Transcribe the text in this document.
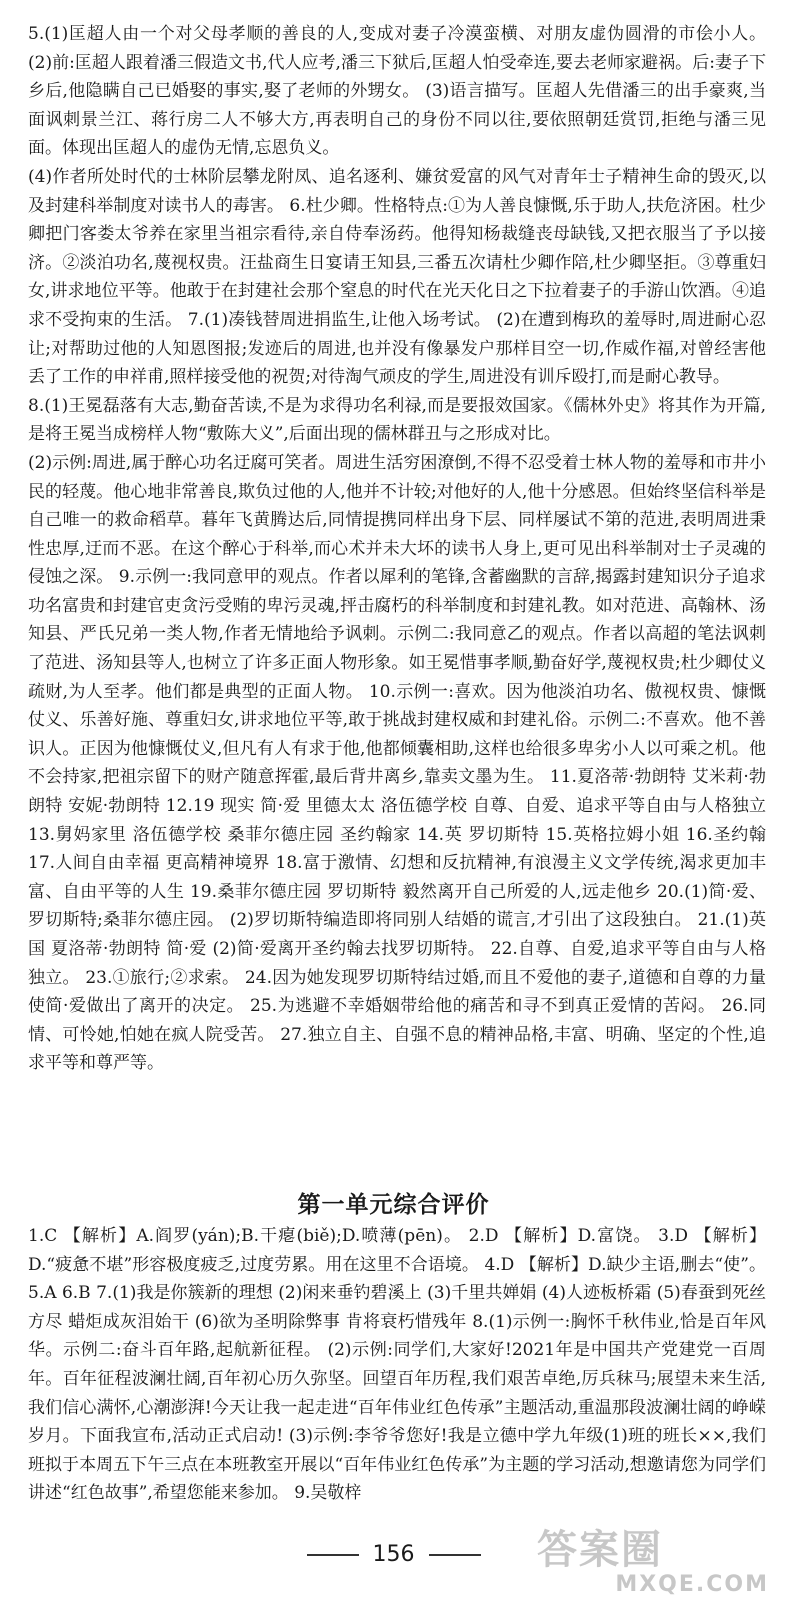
5.(1)匡超人由一个对父母孝顺的善良的人,变成对妻子冷漠蛮横、对朋友虚伪圆滑的市侩小人。 (2)前:匡超人跟着潘三假造文书,代人应考,潘三下狱后,匡超人怕受牵连,要去老师家避祸。后:妻子下乡后,他隐瞒自己已婚娶的事实,娶了老师的外甥女。 (3)语言描写。匡超人先借潘三的出手豪爽,当面讽刺景兰江、蒋行房二人不够大方,再表明自己的身份不同以往,要依照朝廷赏罚,拒绝与潘三见面。体现出匡超人的虚伪无情,忘恩负义。

(4)作者所处时代的士林阶层攀龙附凤、追名逐利、嫌贫爱富的风气对青年士子精神生命的毁灭,以及封建科举制度对读书人的毒害。 6.杜少卿。性格特点:①为人善良慷慨,乐于助人,扶危济困。杜少卿把门客娄太爷养在家里当祖宗看待,亲自侍奉汤药。他得知杨裁缝丧母缺钱,又把衣服当了予以接济。②淡泊功名,蔑视权贵。汪盐商生日宴请王知县,三番五次请杜少卿作陪,杜少卿坚拒。③尊重妇女,讲求地位平等。他敢于在封建社会那个窒息的时代在光天化日之下拉着妻子的手游山饮酒。④追求不受拘束的生活。 7.(1)凑钱替周进捐监生,让他入场考试。 (2)在遭到梅玖的羞辱时,周进耐心忍让;对帮助过他的人知恩图报;发迹后的周进,也并没有像暴发户那样目空一切,作威作福,对曾经害他丢了工作的申祥甫,照样接受他的祝贺;对待淘气顽皮的学生,周进没有训斥殴打,而是耐心教导。

8.(1)王冕磊落有大志,勤奋苦读,不是为求得功名利禄,而是要报效国家。《儒林外史》将其作为开篇,是将王冕当成榜样人物“敷陈大义”,后面出现的儒林群丑与之形成对比。

(2)示例:周进,属于醉心功名迂腐可笑者。周进生活穷困潦倒,不得不忍受着士林人物的羞辱和市井小民的轻蔑。他心地非常善良,欺负过他的人,他并不计较;对他好的人,他十分感恩。但始终坚信科举是自己唯一的救命稻草。暮年飞黄腾达后,同情提携同样出身下层、同样屡试不第的范进,表明周进秉性忠厚,迂而不恶。在这个醉心于科举,而心术并未大坏的读书人身上,更可见出科举制对士子灵魂的侵蚀之深。 9.示例一:我同意甲的观点。作者以犀利的笔锋,含蓄幽默的言辞,揭露封建知识分子追求功名富贵和封建官吏贪污受贿的卑污灵魂,抨击腐朽的科举制度和封建礼教。如对范进、高翰林、汤知县、严氏兄弟一类人物,作者无情地给予讽刺。示例二:我同意乙的观点。作者以高超的笔法讽刺了范进、汤知县等人,也树立了许多正面人物形象。如王冕惜事孝顺,勤奋好学,蔑视权贵;杜少卿仗义疏财,为人至孝。他们都是典型的正面人物。 10.示例一:喜欢。因为他淡泊功名、傲视权贵、慷慨仗义、乐善好施、尊重妇女,讲求地位平等,敢于挑战封建权威和封建礼俗。示例二:不喜欢。他不善识人。正因为他慷慨仗义,但凡有人有求于他,他都倾囊相助,这样也给很多卑劣小人以可乘之机。他不会持家,把祖宗留下的财产随意挥霍,最后背井离乡,靠卖文墨为生。 11.夏洛蒂·勃朗特 艾米莉·勃朗特 安妮·勃朗特 12.19 现实 简·爱 里德太太 洛伍德学校 自尊、自爱、追求平等自由与人格独立 13.舅妈家里 洛伍德学校 桑菲尔德庄园 圣约翰家 14.英 罗切斯特 15.英格拉姆小姐 16.圣约翰 17.人间自由幸福 更高精神境界 18.富于激情、幻想和反抗精神,有浪漫主义文学传统,渴求更加丰富、自由平等的人生 19.桑菲尔德庄园 罗切斯特 毅然离开自己所爱的人,远走他乡 20.(1)简·爱、罗切斯特;桑菲尔德庄园。 (2)罗切斯特编造即将同别人结婚的谎言,才引出了这段独白。 21.(1)英国 夏洛蒂·勃朗特 简·爱 (2)简·爱离开圣约翰去找罗切斯特。 22.自尊、自爱,追求平等自由与人格独立。 23.①旅行;②求索。 24.因为她发现罗切斯特结过婚,而且不爱他的妻子,道德和自尊的力量使简·爱做出了离开的决定。 25.为逃避不幸婚姻带给他的痛苦和寻不到真正爱情的苦闷。 26.同情、可怜她,怕她在疯人院受苦。 27.独立自主、自强不息的精神品格,丰富、明确、坚定的个性,追求平等和尊严等。

第一单元综合评价

1.C 【解析】A.阎罗(yán);B.干瘪(biě);D.喷薄(pēn)。 2.D 【解析】D.富饶。 3.D 【解析】D.“疲惫不堪”形容极度疲乏,过度劳累。用在这里不合语境。 4.D 【解析】D.缺少主语,删去“使”。 5.A 6.B 7.(1)我是你簇新的理想 (2)闲来垂钓碧溪上 (3)千里共婵娟 (4)人迹板桥霜 (5)春蚕到死丝方尽 蜡炬成灰泪始干 (6)欲为圣明除弊事 肯将衰朽惜残年 8.(1)示例一:胸怀千秋伟业,恰是百年风华。示例二:奋斗百年路,起航新征程。 (2)示例:同学们,大家好!2021年是中国共产党建党一百周年。百年征程波澜壮阔,百年初心历久弥坚。回望百年历程,我们艰苦卓绝,厉兵秣马;展望未来生活,我们信心满怀,心潮澎湃!今天让我一起走进“百年伟业红色传承”主题活动,重温那段波澜壮阔的峥嵘岁月。下面我宣布,活动正式启动! (3)示例:李爷爷您好!我是立德中学九年级(1)班的班长××,我们班拟于本周五下午三点在本班教室开展以“百年伟业红色传承”为主题的学习活动,想邀请您为同学们讲述“红色故事”,希望您能来参加。 9.吴敬梓

156	答案圈
MXQE.COM
